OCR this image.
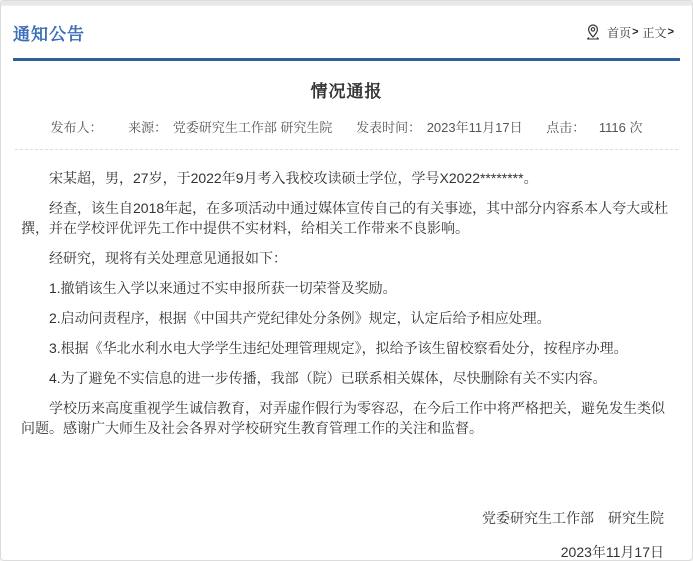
通知公告	首页 > 正文 >
情况通报
发布人： 来源： 党委研究生工作部 研究生院 发表时间： 2023年11月17日 点击： 1116 次

宋某超，男，27岁，于2022年9月考入我校攻读硕士学位，学号X2022********。

经查，该生自2018年起，在多项活动中通过媒体宣传自己的有关事迹，其中部分内容系本人夸大或杜撰，并在学校评优评先工作中提供不实材料，给相关工作带来不良影响。

经研究，现将有关处理意见通报如下：

1.撤销该生入学以来通过不实申报所获一切荣誉及奖励。

2.启动问责程序，根据《中国共产党纪律处分条例》规定，认定后给予相应处理。

3.根据《华北水利水电大学学生违纪处理管理规定》，拟给予该生留校察看处分，按程序办理。

4.为了避免不实信息的进一步传播，我部（院）已联系相关媒体，尽快删除有关不实内容。

学校历来高度重视学生诚信教育，对弄虚作假行为零容忍，在今后工作中将严格把关，避免发生类似问题。感谢广大师生及社会各界对学校研究生教育管理工作的关注和监督。

党委研究生工作部　研究生院
2023年11月17日
